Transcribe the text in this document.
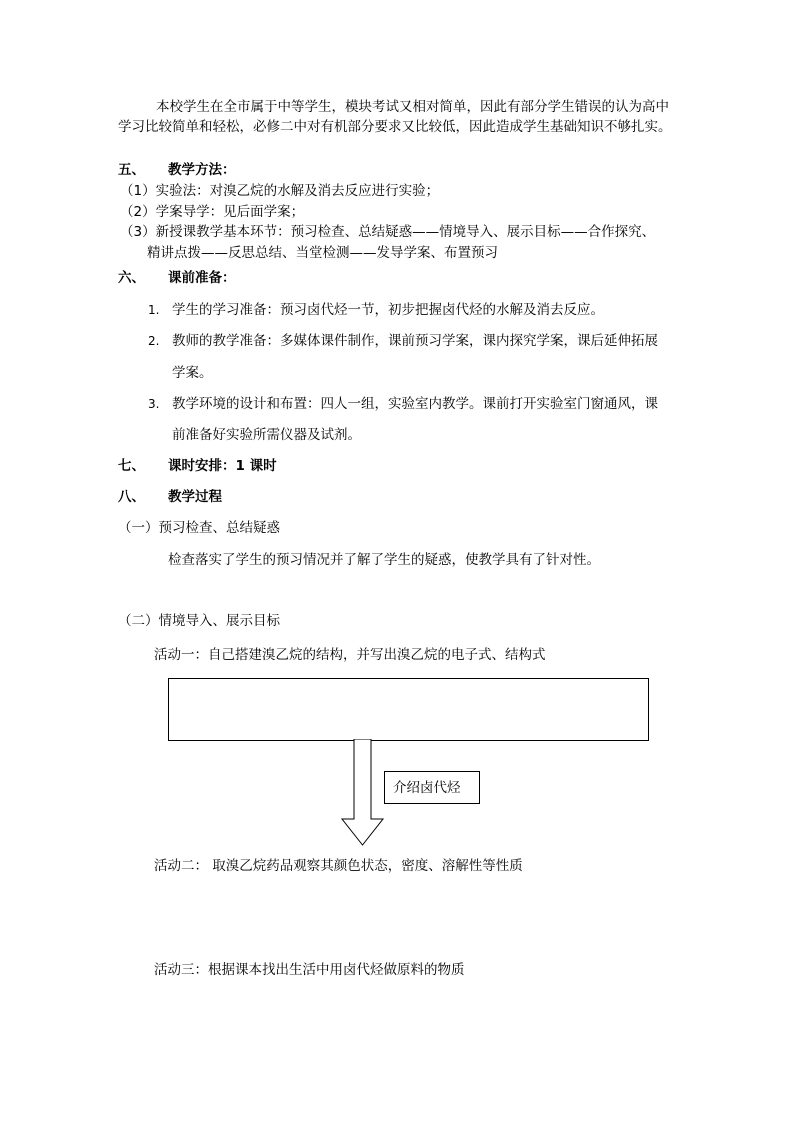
本校学生在全市属于中等学生，模块考试又相对简单，因此有部分学生错误的认为高中学习比较简单和轻松，必修二中对有机部分要求又比较低，因此造成学生基础知识不够扎实。
五、 教学方法：
（1）实验法：对溴乙烷的水解及消去反应进行实验；
（2）学案导学：见后面学案；
（3）新授课教学基本环节：预习检查、总结疑惑——情境导入、展示目标——合作探究、
精讲点拨——反思总结、当堂检测——发导学案、布置预习
六、 课前准备：
1. 学生的学习准备：预习卤代烃一节，初步把握卤代烃的水解及消去反应。
2. 教师的教学准备：多媒体课件制作，课前预习学案，课内探究学案，课后延伸拓展
学案。
3. 教学环境的设计和布置：四人一组，实验室内教学。课前打开实验室门窗通风，课
前准备好实验所需仪器及试剂。
七、 课时安排：1 课时
八、 教学过程
（一）预习检查、总结疑惑
检查落实了学生的预习情况并了解了学生的疑惑，使教学具有了针对性。
（二）情境导入、展示目标
活动一：自己搭建溴乙烷的结构，并写出溴乙烷的电子式、结构式
介绍卤代烃
活动二： 取溴乙烷药品观察其颜色状态，密度、溶解性等性质
活动三：根据课本找出生活中用卤代烃做原料的物质
